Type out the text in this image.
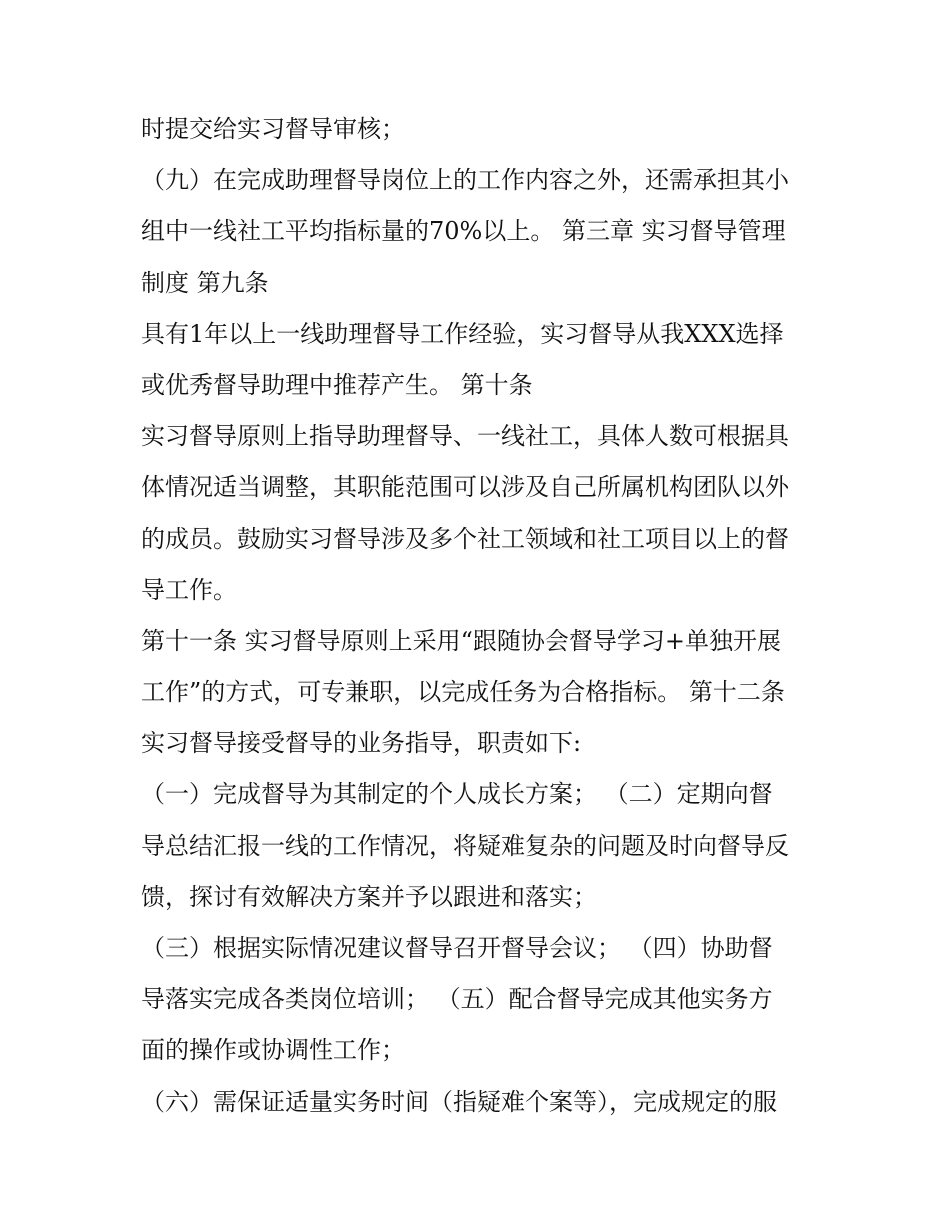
时提交给实习督导审核；
（九）在完成助理督导岗位上的工作内容之外，还需承担其小
组中一线社工平均指标量的70%以上。 第三章 实习督导管理
制度 第九条
具有1年以上一线助理督导工作经验，实习督导从我XXX选择
或优秀督导助理中推荐产生。 第十条
实习督导原则上指导助理督导、一线社工，具体人数可根据具
体情况适当调整，其职能范围可以涉及自己所属机构团队以外
的成员。鼓励实习督导涉及多个社工领域和社工项目以上的督
导工作。
第十一条 实习督导原则上采用“跟随协会督导学习+单独开展
工作”的方式，可专兼职，以完成任务为合格指标。 第十二条
实习督导接受督导的业务指导，职责如下:
（一）完成督导为其制定的个人成长方案； （二）定期向督
导总结汇报一线的工作情况，将疑难复杂的问题及时向督导反
馈，探讨有效解决方案并予以跟进和落实；
（三）根据实际情况建议督导召开督导会议； （四）协助督
导落实完成各类岗位培训； （五）配合督导完成其他实务方
面的操作或协调性工作；
（六）需保证适量实务时间（指疑难个案等），完成规定的服
